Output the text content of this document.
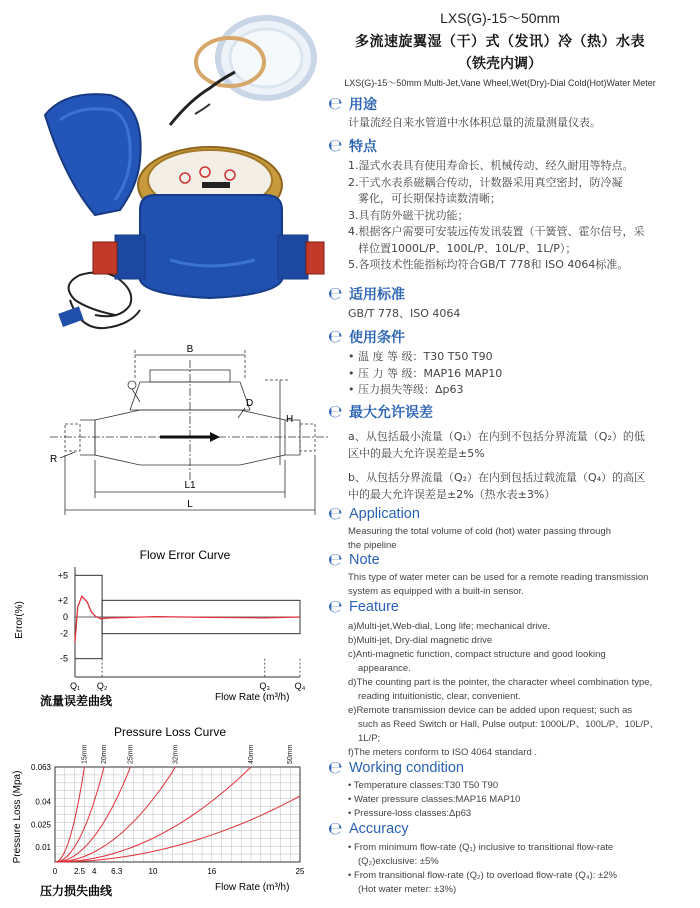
B
H
D
R
L1
L
Flow Error Curve
Error(%)
+5
+2
0
-2
-5
Q₁ Q₂	Q₃	Q₄
流量误差曲线	Flow Rate (m³/h)
Pressure Loss Curve
Pressure Loss (Mpa)
0.063
0.04
0.025
0.01
0 2.5 4 6.3	10	16	25
15mm 20mm	25mm	32mm	40mm	50mm
压力损失曲线	Flow Rate (m³/h)
LXS(G)-15～50mm
多流速旋翼湿（干）式（发讯）冷（热）水表
（铁壳内调）
LXS(G)-15～50mm Multi-Jet,Vane Wheel,Wet(Dry)-Dial Cold(Hot)Water Meter
℮ 用途
计量流经自来水管道中水体积总量的流量测量仪表。
℮ 特点
1.湿式水表具有使用寿命长、机械传动、经久耐用等特点。
2.干式水表系磁耦合传动，计数器采用真空密封，防冷凝
雾化，可长期保持读数清晰；
3.具有防外磁干扰功能；
4.根据客户需要可安装远传发讯装置（干簧管、霍尔信号，采
样位置1000L/P、100L/P、10L/P、1L/P）；
5.各项技术性能指标均符合GB/T 778和 ISO 4064标准。
℮ 适用标准
GB/T 778、ISO 4064
℮ 使用条件
• 温 度 等 级：T30 T50 T90
• 压 力 等 级：MAP16 MAP10
• 压力损失等级：Δp63
℮ 最大允许误差
a、从包括最小流量（Q₁）在内到不包括分界流量（Q₂）的低
区中的最大允许误差是±5%
b、从包括分界流量（Q₂）在内到包括过载流量（Q₄）的高区
中的最大允许误差是±2%（热水表±3%）
℮ Application
Measuring the total volume of cold (hot) water passing through
the pipeline
℮ Note
This type of water meter can be used for a remote reading transmission
system as equipped with a built-in sensor.
℮ Feature
a)Multi-jet,Web-dial, Long life; mechanical drive.
b)Multi-jet, Dry-dial magnetic drive
c)Anti-magnetic function, compact structure and good looking
appearance.
d)The counting part is the pointer, the character wheel combination type,
reading intuitionistic, clear, convenient.
e)Remote transmission device can be added upon request; such as
such as Reed Switch or Hall, Pulse output: 1000L/P、100L/P、10L/P、
1L/P;
f)The meters conform to ISO 4064 standard .
℮ Working condition
• Temperature classes:T30 T50 T90
• Water pressure classes:MAP16 MAP10
• Pressure-loss classes:Δp63
℮ Accuracy
• From minimum flow-rate (Q₁) inclusive to transitional flow-rate
(Q₂)exclusive: ±5%
• From transitional flow-rate (Q₂) to overload flow-rate (Q₄): ±2%
(Hot water meter: ±3%)
